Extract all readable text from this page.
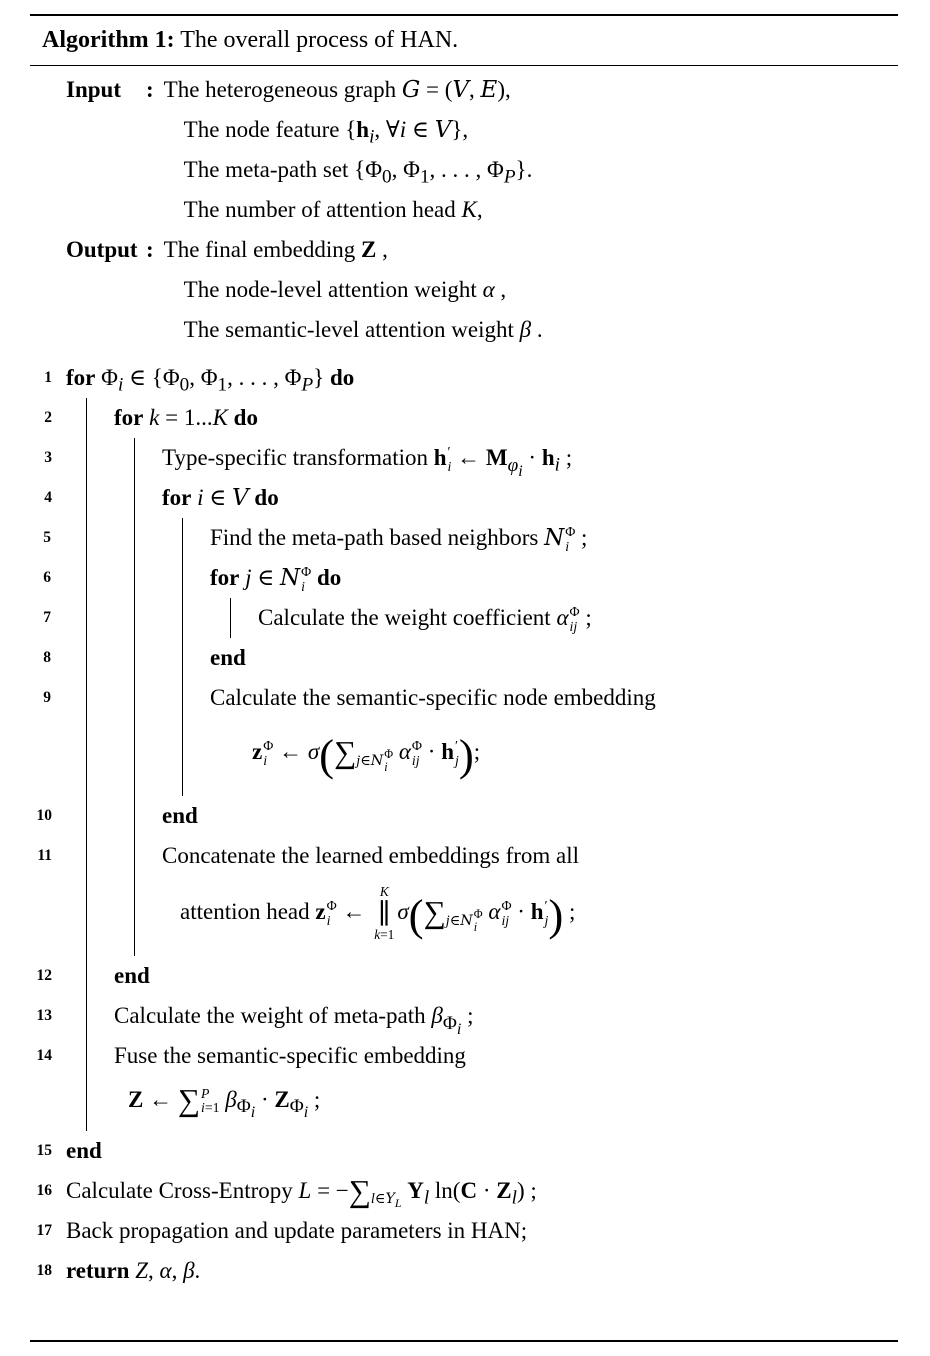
Algorithm 1: The overall process of HAN.
Input	: The heterogeneous graph G = (V, E),
The node feature {$h_i$, ∀i ∈ V},
The meta-path set {$\Phi_0$, $\Phi_1$, . . . , $\Phi_P$}.
The number of attention head K,
Output : The final embedding Z ,
The node-level attention weight α ,
The semantic-level attention weight β .
1 for $\Phi_i$ ∈ {$\Phi_0$, $\Phi_1$, . . . , $\Phi_P$} do
2	for k = 1...K do
3	Type-specific transformation h ′
i ← $M_{\varphi_i} \cdot h_i$ ;
4	for i ∈ V do
5	Find the meta-path based neighbors N Φ
i ;
6	for j ∈ N Φ
i do
7	Calculate the weight coefficient α Φ
ij ;
8	end
9	Calculate the semantic-specific node embedding
z Φ
i ← $\sigma(\sum_{j\in N \Phi i}$
α Φ
ij · h ′
j );
10	end
11	Concatenate the learned embeddings from all
attention head z Φ
i ←
K
∥
k=1
$\sigma(\sum_{j\in N \Phi i}$
α Φ
ij · h ′
j ) ;
12	end
13	Calculate the weight of meta-path $\beta_{\Phi_i}$ ;
14	Fuse the semantic-specific embedding
Z ← ∑ P
i=1 $\beta_{\Phi_i} \cdot Z_{\Phi_i}$ ;
15 end
16 Calculate Cross-Entropy $L = -\sum_{l\in Y_L}$ $Y_l$ $\ln(C \cdot Z_l)$ ;
17 Back propagation and update parameters in HAN;
18 return Z, α, β.
